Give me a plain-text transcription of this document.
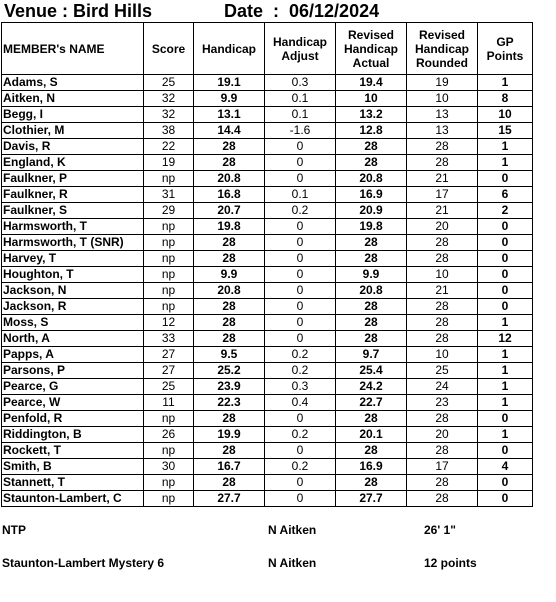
Venue : Bird Hills	Date  :  06/12/2024
MEMBER's NAME	Score	Handicap	Handicap Adjust	Revised Handicap Actual	Revised Handicap Rounded	GP Points
Adams, S	25	19.1	0.3	19.4	19	1
Aitken, N	32	9.9	0.1	10	10	8
Begg, I	32	13.1	0.1	13.2	13	10
Clothier, M	38	14.4	-1.6	12.8	13	15
Davis, R	22	28	0	28	28	1
England, K	19	28	0	28	28	1
Faulkner, P	np	20.8	0	20.8	21	0
Faulkner, R	31	16.8	0.1	16.9	17	6
Faulkner, S	29	20.7	0.2	20.9	21	2
Harmsworth, T	np	19.8	0	19.8	20	0
Harmsworth, T (SNR)	np	28	0	28	28	0
Harvey, T	np	28	0	28	28	0
Houghton, T	np	9.9	0	9.9	10	0
Jackson, N	np	20.8	0	20.8	21	0
Jackson, R	np	28	0	28	28	0
Moss, S	12	28	0	28	28	1
North, A	33	28	0	28	28	12
Papps, A	27	9.5	0.2	9.7	10	1
Parsons, P	27	25.2	0.2	25.4	25	1
Pearce, G	25	23.9	0.3	24.2	24	1
Pearce, W	11	22.3	0.4	22.7	23	1
Penfold, R	np	28	0	28	28	0
Riddington, B	26	19.9	0.2	20.1	20	1
Rockett, T	np	28	0	28	28	0
Smith, B	30	16.7	0.2	16.9	17	4
Stannett, T	np	28	0	28	28	0
Staunton-Lambert, C	np	27.7	0	27.7	28	0
NTP	N Aitken	26' 1"
Staunton-Lambert Mystery 6	N Aitken	12 points
